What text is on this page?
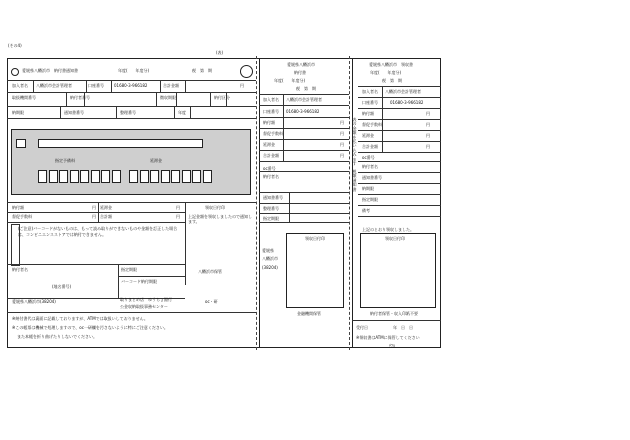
(その4)
(表)
愛媛県八幡浜市　納付書通知書	年度(　　年度分)	税　第　期
加入者名 八幡浜市会計管理者	口座番号	01680-3-966182	合計金額	円
取扱機関番号	納付者番号	徴収期限	納付区分
納期限	通知書番号	整理番号	年度
指定予備料	延滞金
納付額	円 延滞金	円
督促手数料	円 合計額	円
領収日付印
上記金額を領収しましたので通知します。
(ご注意)バーコードがないものは、もって読み取りができないものや金額を訂正した場合は、コンビニエンスストアでは納付できません。
納付者名
(地名番号)
指定期限
バーコード納付期限
八幡浜市保管
愛媛県八幡浜市(38204)	取りまとめ店　ゆうちょ銀行
公金収納取扱事務センター
oc・研
※納付書代は裏面に記載しておりますが、ATMでは取扱いしておりません。
※この帳票は機械で処理しますので、oc一研欄を汚さないように特にご注意ください。
また本帳を折り曲げたりしないでください。
愛媛県八幡浜市
納付書
年度(　　年度分)
税　第　期
加入者名 八幡浜市会計管理者
口座番号 01680-3-966182
納付額	円
督促手数料	円
延滞金	円
合計金額	円
表
の
金
額
を
払
い
込
み
ま
す
oc番号
納付者名
通知書番号
整理番号
指定期限
領収日付印
愛媛県
八幡浜市
(38204)
金融機関保管
愛媛県八幡浜市　領収書
年度(　　年度分)
税　第　期
加入者名 八幡浜市会計管理者
口座番号	01680-3-966182
納付額	円
督促手数料	円
延滞金	円
合計金額	円
oc番号
納付者名
通知書番号
納期限
指定期限
備考
上記のとおり領収しました。
領収日付印
納付者保管・収入印紙不要
受付日	年　日　日
※領収書はATMに保管してください
ﾁﾌﾙ
税
額
通
知
書
